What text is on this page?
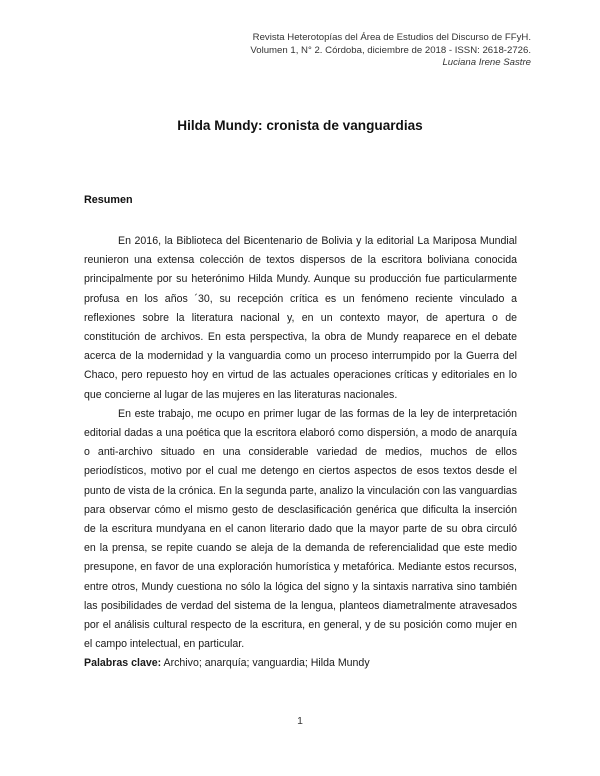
Revista Heterotopías del Área de Estudios del Discurso de FFyH.
Volumen 1, N° 2. Córdoba, diciembre de 2018 - ISSN: 2618-2726.
Luciana Irene Sastre
Hilda Mundy: cronista de vanguardias
Resumen

En 2016, la Biblioteca del Bicentenario de Bolivia y la editorial La Mariposa Mundial reunieron una extensa colección de textos dispersos de la escritora boliviana conocida principalmente por su heterónimo Hilda Mundy. Aunque su producción fue particularmente profusa en los años ´30, su recepción crítica es un fenómeno reciente vinculado a reflexiones sobre la literatura nacional y, en un contexto mayor, de apertura o de constitución de archivos. En esta perspectiva, la obra de Mundy reaparece en el debate acerca de la modernidad y la vanguardia como un proceso interrumpido por la Guerra del Chaco, pero repuesto hoy en virtud de las actuales operaciones críticas y editoriales en lo que concierne al lugar de las mujeres en las literaturas nacionales.

En este trabajo, me ocupo en primer lugar de las formas de la ley de interpretación editorial dadas a una poética que la escritora elaboró como dispersión, a modo de anarquía o anti-archivo situado en una considerable variedad de medios, muchos de ellos periodísticos, motivo por el cual me detengo en ciertos aspectos de esos textos desde el punto de vista de la crónica. En la segunda parte, analizo la vinculación con las vanguardias para observar cómo el mismo gesto de desclasificación genérica que dificulta la inserción de la escritura mundyana en el canon literario dado que la mayor parte de su obra circuló en la prensa, se repite cuando se aleja de la demanda de referencialidad que este medio presupone, en favor de una exploración humorística y metafórica. Mediante estos recursos, entre otros, Mundy cuestiona no sólo la lógica del signo y la sintaxis narrativa sino también las posibilidades de verdad del sistema de la lengua, planteos diametralmente atravesados por el análisis cultural respecto de la escritura, en general, y de su posición como mujer en el campo intelectual, en particular.

Palabras clave: Archivo; anarquía; vanguardia; Hilda Mundy

1
